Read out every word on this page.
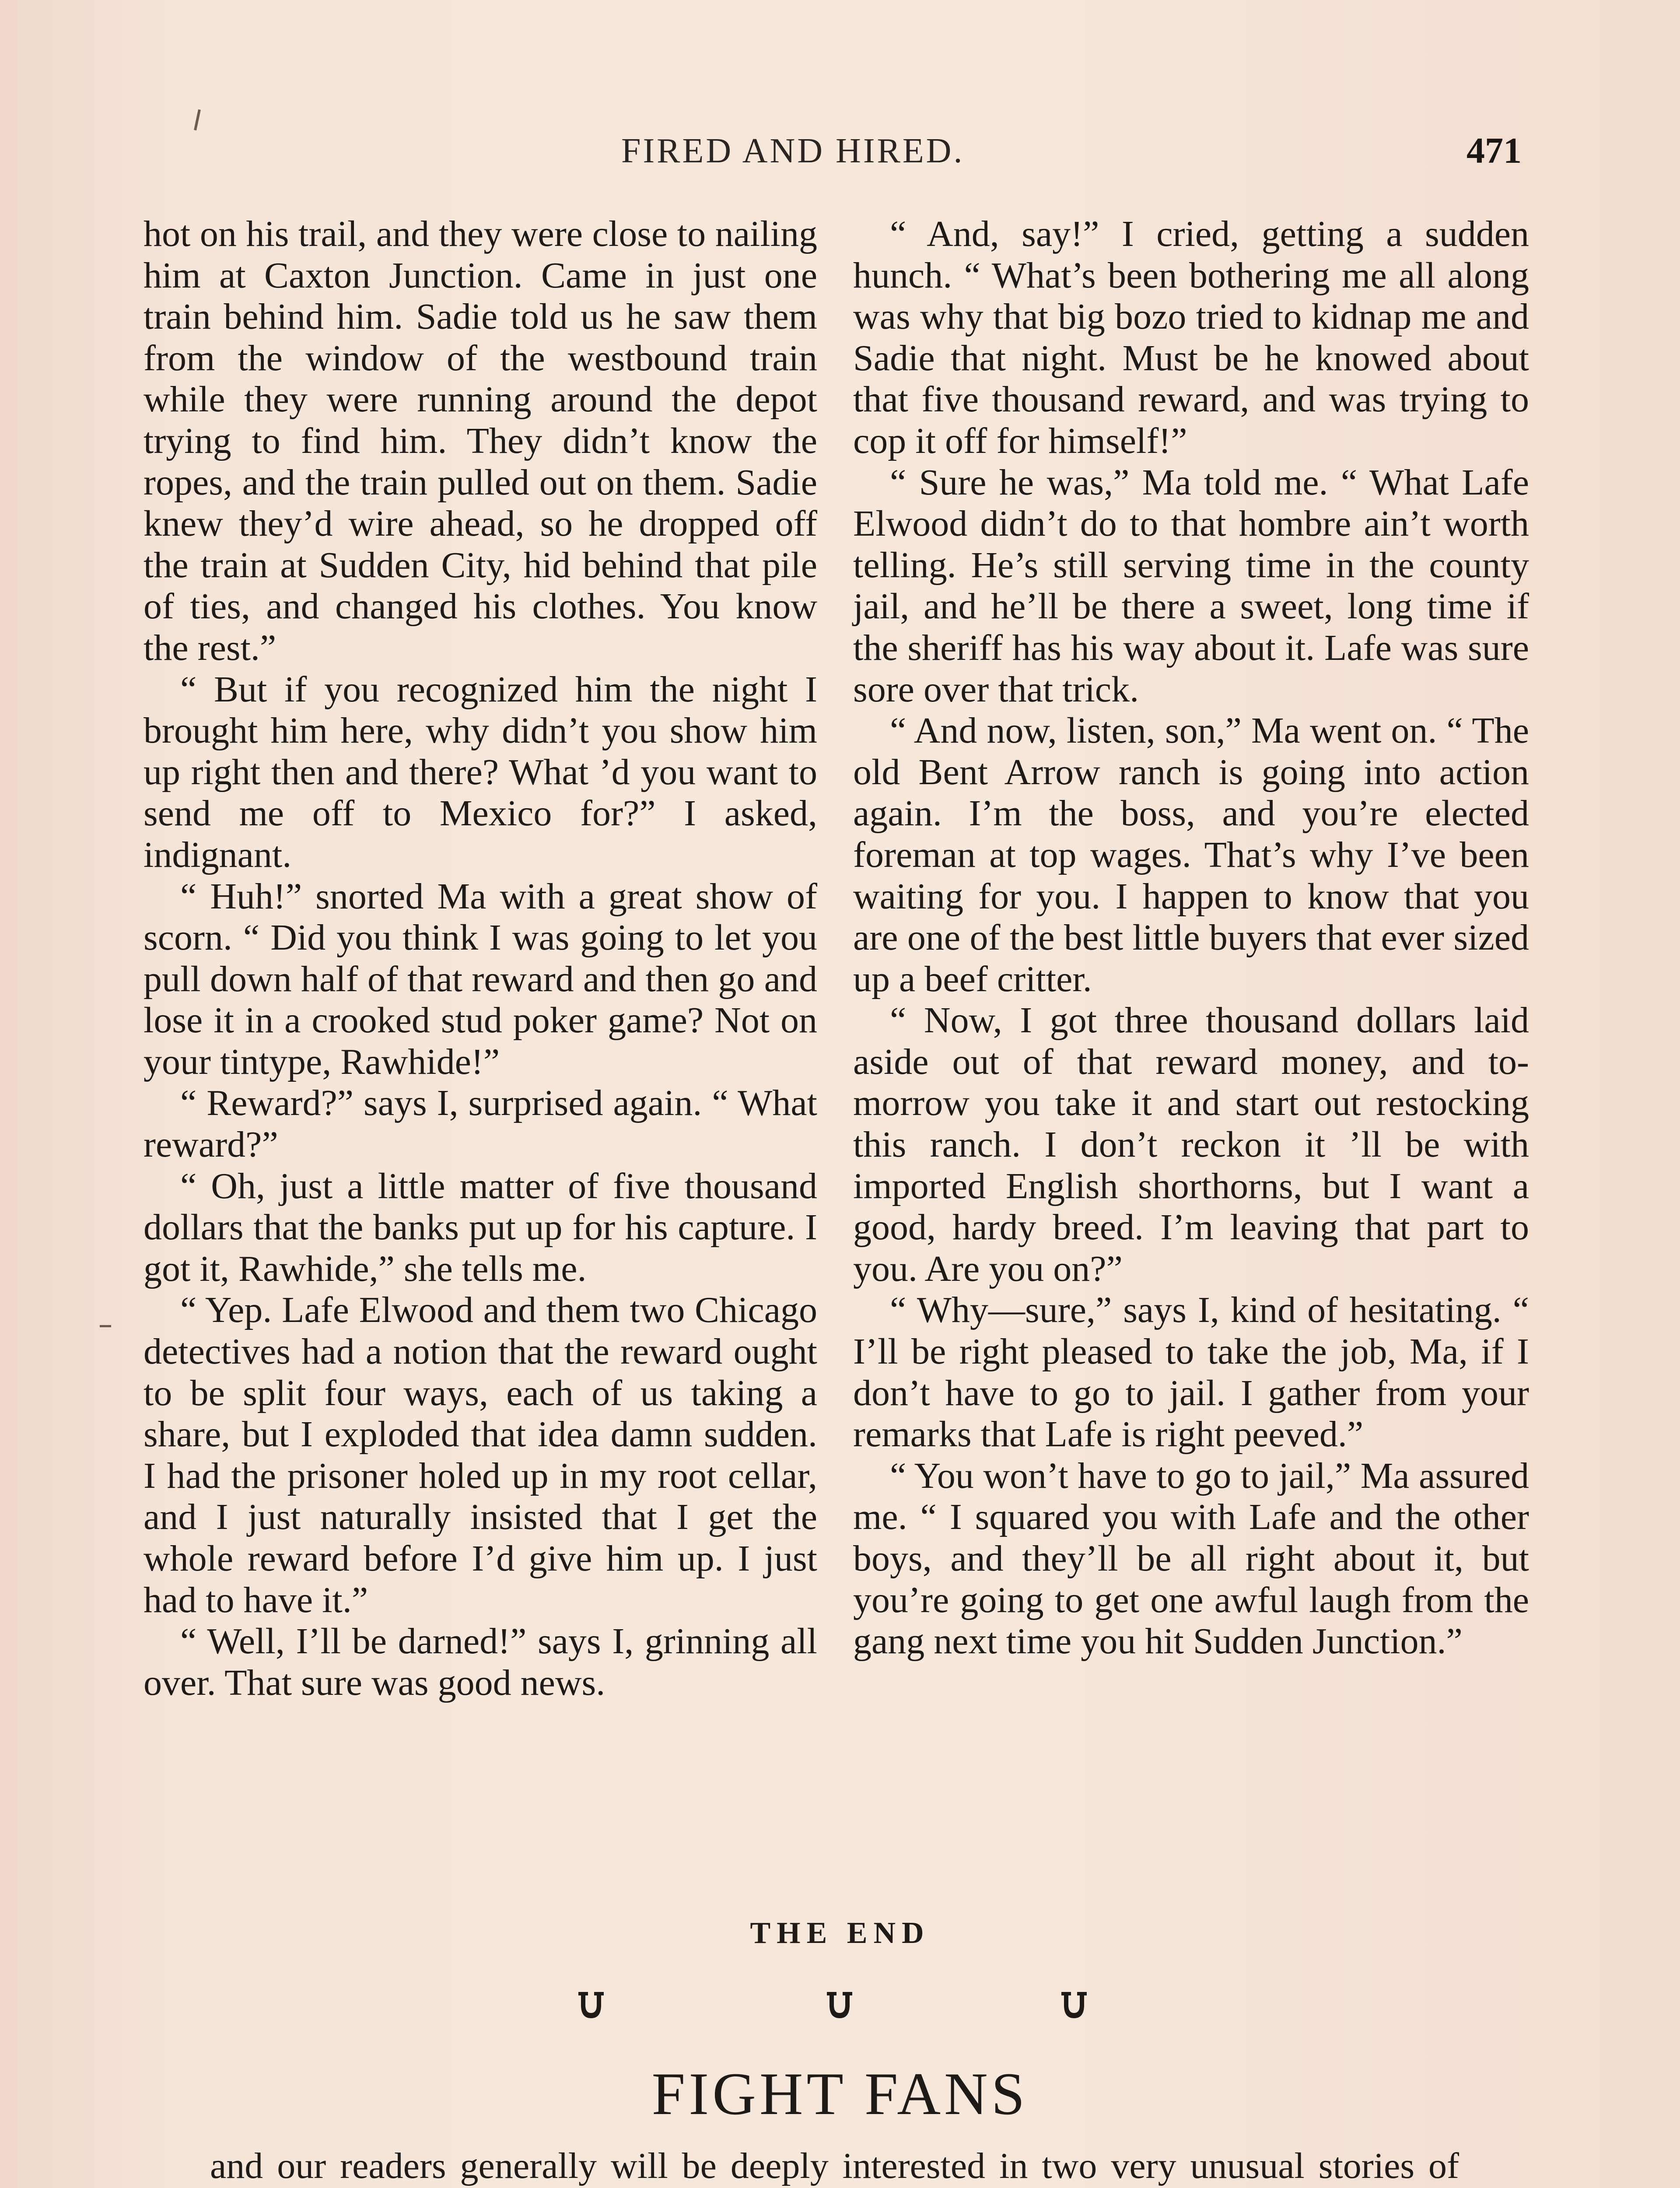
FIRED AND HIRED.	471

hot on his trail, and they were close to nailing him at Caxton Junction. Came in just one train behind him. Sadie told us he saw them from the window of the westbound train while they were running around the depot trying to find him. They didn’t know the ropes, and the train pulled out on them. Sadie knew they’d wire ahead, so he dropped off the train at Sudden City, hid behind that pile of ties, and changed his clothes. You know the rest.”

“ But if you recognized him the night I brought him here, why didn’t you show him up right then and there? What ’d you want to send me off to Mexico for?” I asked, indignant.

“ Huh!” snorted Ma with a great show of scorn. “ Did you think I was going to let you pull down half of that reward and then go and lose it in a crooked stud poker game? Not on your tintype, Rawhide!”

“ Reward?” says I, surprised again. “ What reward?”

“ Oh, just a little matter of five thousand dollars that the banks put up for his capture. I got it, Rawhide,” she tells me.

“ Yep. Lafe Elwood and them two Chicago detectives had a notion that the reward ought to be split four ways, each of us taking a share, but I exploded that idea damn sudden. I had the prisoner holed up in my root cellar, and I just naturally insisted that I get the whole reward before I’d give him up. I just had to have it.”

“ Well, I’ll be darned!” says I, grinning all over. That sure was good news.

“ And, say!” I cried, getting a sudden hunch. “ What’s been bothering me all along was why that big bozo tried to kidnap me and Sadie that night. Must be he knowed about that five thousand reward, and was trying to cop it off for himself!”

“ Sure he was,” Ma told me. “ What Lafe Elwood didn’t do to that hombre ain’t worth telling. He’s still serving time in the county jail, and he’ll be there a sweet, long time if the sheriff has his way about it. Lafe was sure sore over that trick.

“ And now, listen, son,” Ma went on. “ The old Bent Arrow ranch is going into action again. I’m the boss, and you’re elected foreman at top wages. That’s why I’ve been waiting for you. I happen to know that you are one of the best little buyers that ever sized up a beef critter.

“ Now, I got three thousand dollars laid aside out of that reward money, and to-morrow you take it and start out restocking this ranch. I don’t reckon it ’ll be with imported English shorthorns, but I want a good, hardy breed. I’m leaving that part to you. Are you on?”

“ Why—sure,” says I, kind of hesitating. “ I’ll be right pleased to take the job, Ma, if I don’t have to go to jail. I gather from your remarks that Lafe is right peeved.”

“ You won’t have to go to jail,” Ma assured me. “ I squared you with Lafe and the other boys, and they’ll be all right about it, but you’re going to get one awful laugh from the gang next time you hit Sudden Junction.”

THE END
FIGHT FANS
and our readers generally will be deeply interested in two very unusual stories of
